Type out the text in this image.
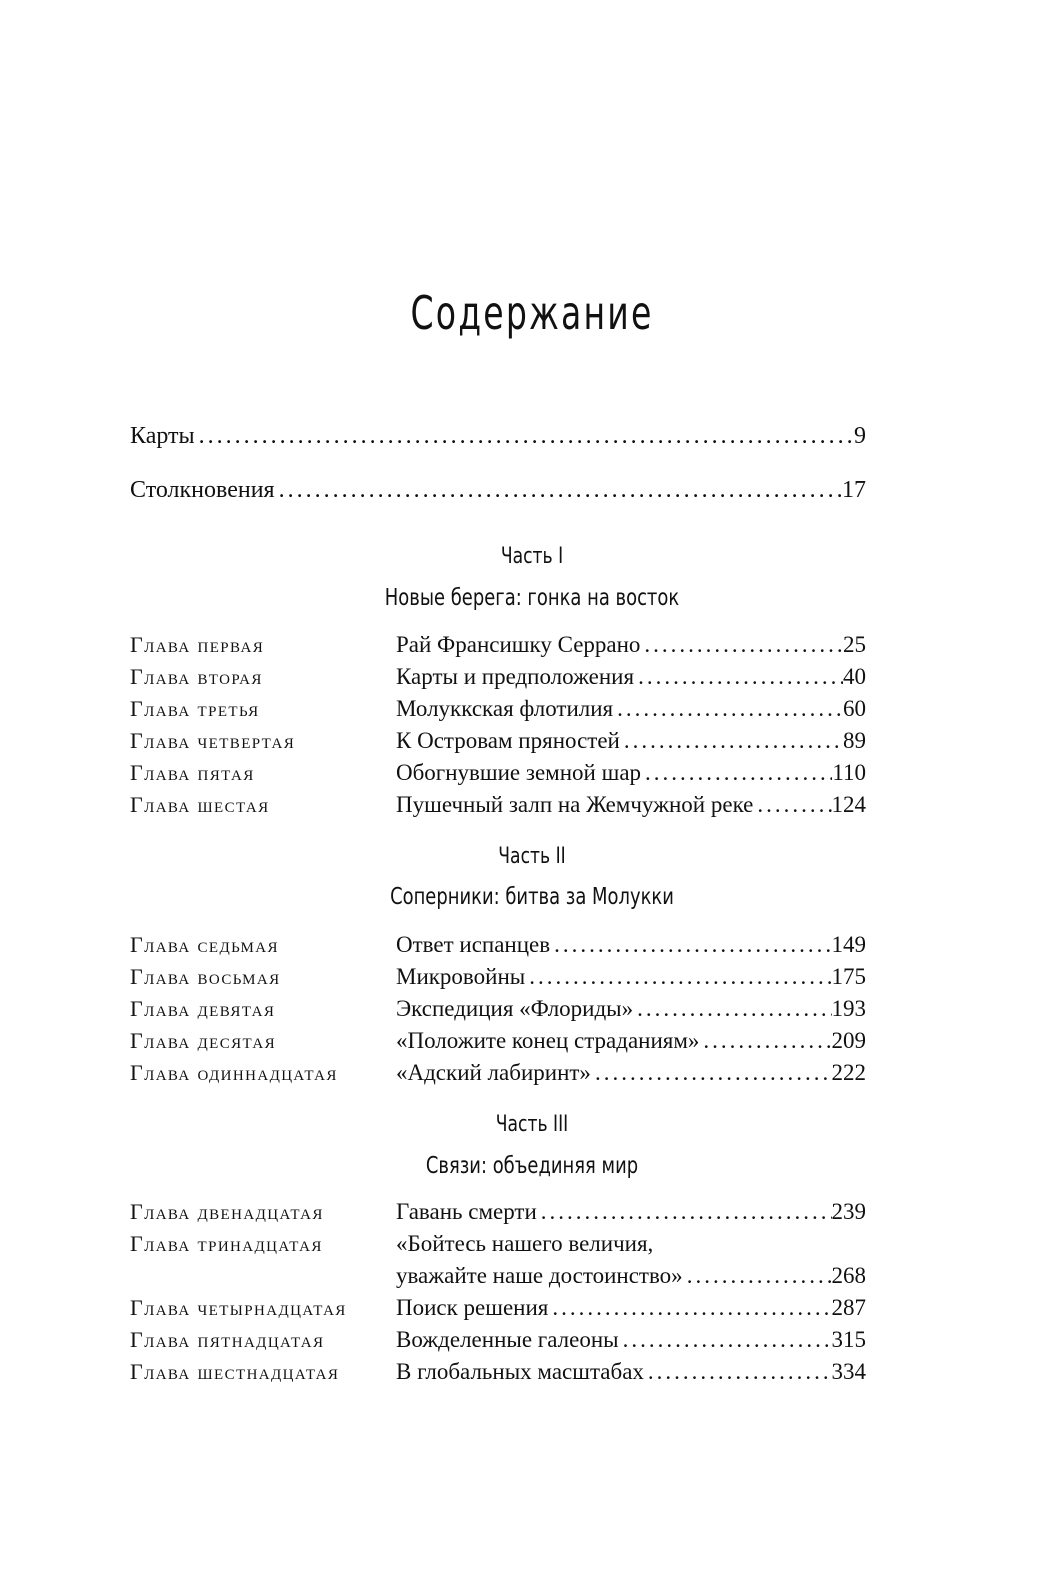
Содержание
Карты .....	9
Столкновения .....	17
Часть I
Новые берега: гонка на восток
Глава первая	Рай Франсишку Серрано .....	25
Глава вторая	Карты и предположения .....	40
Глава третья	Молуккская флотилия .....	60
Глава четвертая	К Островам пряностей .....	89
Глава пятая	Обогнувшие земной шар .....	110
Глава шестая	Пушечный залп на Жемчужной реке .....	124
Часть II
Соперники: битва за Молукки
Глава седьмая	Ответ испанцев .....	149
Глава восьмая	Микровойны .....	175
Глава девятая	Экспедиция «Флориды» .....	193
Глава десятая	«Положите конец страданиям» .....	209
Глава одиннадцатая	«Адский лабиринт» .....	222
Часть III
Связи: объединяя мир
Глава двенадцатая	Гавань смерти .....	239
Глава тринадцатая	«Бойтесь нашего величия,
уважайте наше достоинство» .....	268
Глава четырнадцатая	Поиск решения .....	287
Глава пятнадцатая	Вожделенные галеоны .....	315
Глава шестнадцатая	В глобальных масштабах .....	334
